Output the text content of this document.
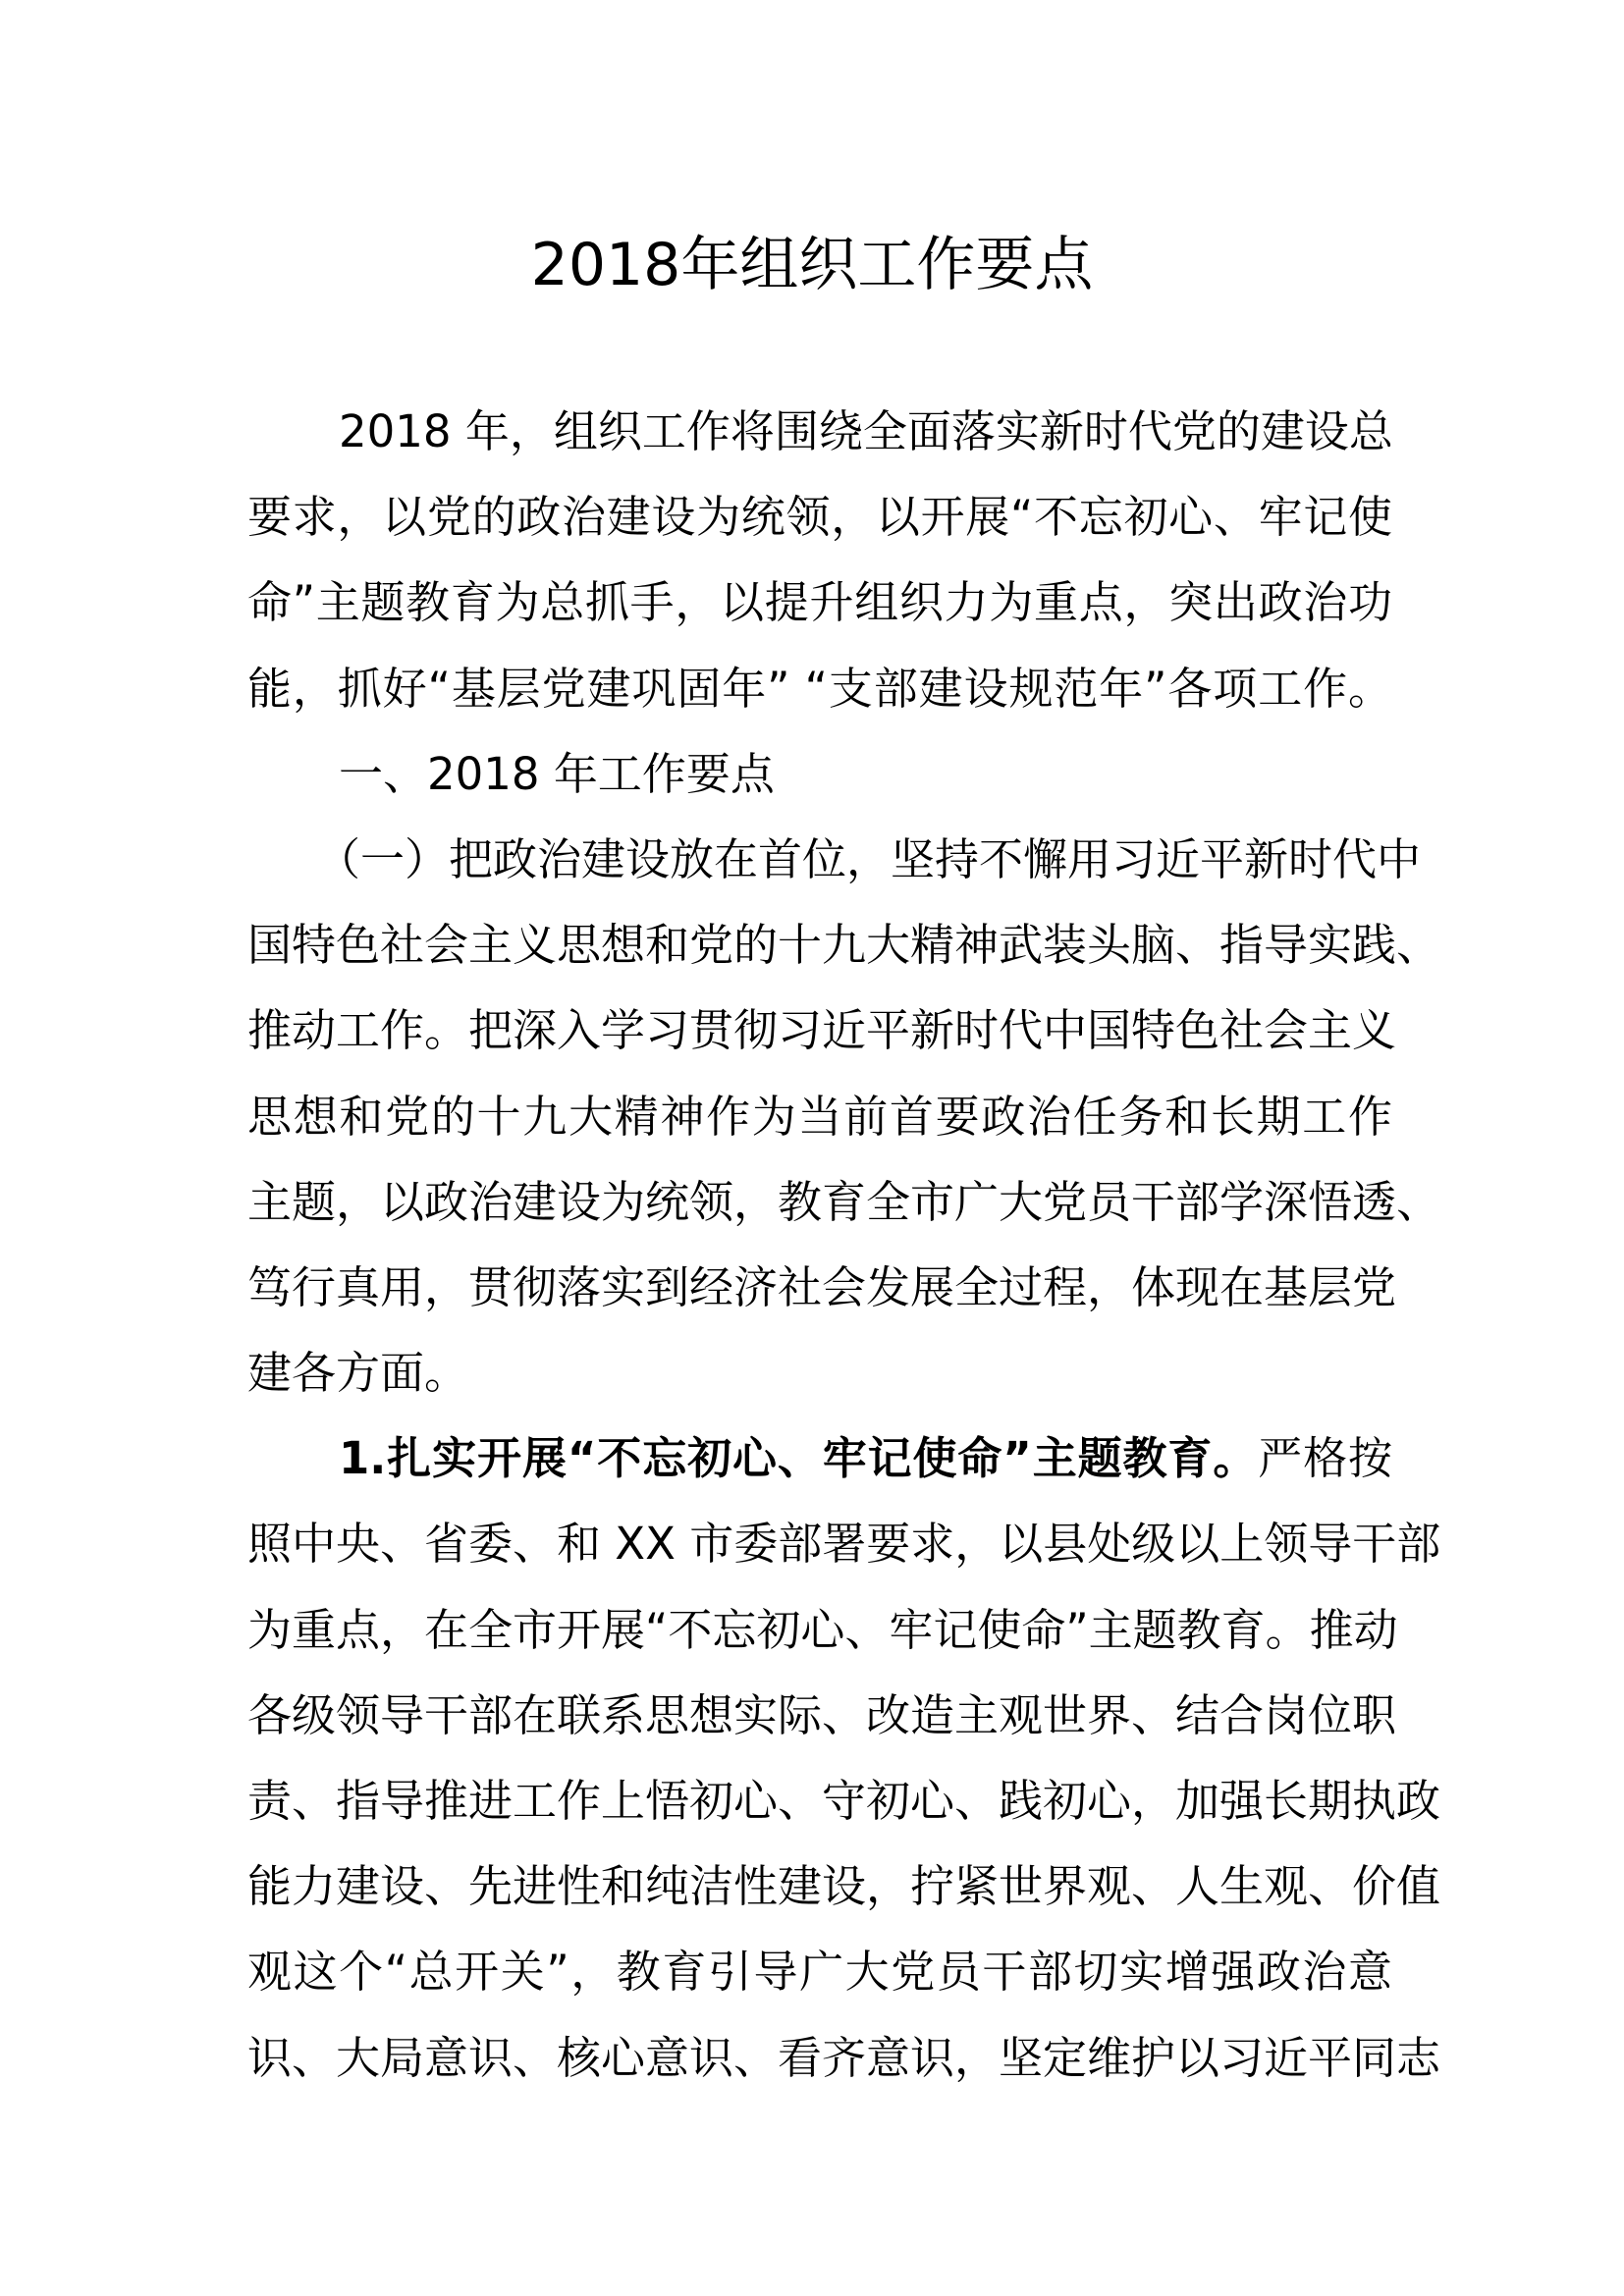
2018年组织工作要点
2018 年，组织工作将围绕全面落实新时代党的建设总
要求，以党的政治建设为统领，以开展“不忘初心、牢记使
命”主题教育为总抓手，以提升组织力为重点，突出政治功
能，抓好“基层党建巩固年” “支部建设规范年”各项工作。
一、2018 年工作要点
（一）把政治建设放在首位，坚持不懈用习近平新时代中
国特色社会主义思想和党的十九大精神武装头脑、指导实践、
推动工作。把深入学习贯彻习近平新时代中国特色社会主义
思想和党的十九大精神作为当前首要政治任务和长期工作
主题，以政治建设为统领，教育全市广大党员干部学深悟透、
笃行真用，贯彻落实到经济社会发展全过程，体现在基层党
建各方面。
1.扎实开展“不忘初心、牢记使命”主题教育。严格按
照中央、省委、和 XX 市委部署要求，以县处级以上领导干部
为重点，在全市开展“不忘初心、牢记使命”主题教育。推动
各级领导干部在联系思想实际、改造主观世界、结合岗位职
责、指导推进工作上悟初心、守初心、践初心，加强长期执政
能力建设、先进性和纯洁性建设，拧紧世界观、人生观、价值
观这个“总开关”，教育引导广大党员干部切实增强政治意
识、大局意识、核心意识、看齐意识，坚定维护以习近平同志
